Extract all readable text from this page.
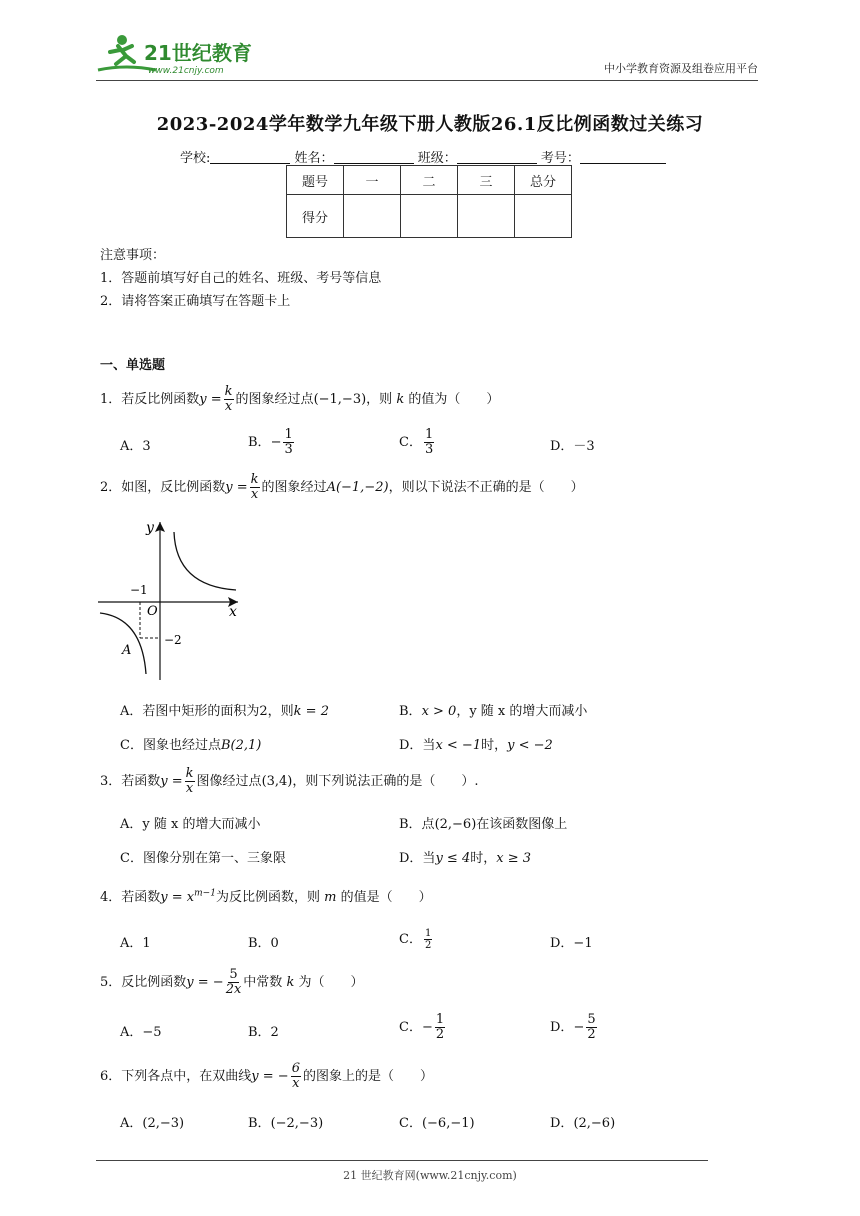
21世纪教育
www.21cnjy.com	中小学教育资源及组卷应用平台
2023-2024学年数学九年级下册人教版26.1反比例函数过关练习
学校:	姓名：	班级：	考号：
题号	一	二	三	总分
得分				
注意事项：
1．答题前填写好自己的姓名、班级、考号等信息
2．请将答案正确填写在答题卡上
一、单选题
1．若反比例函数$y = \frac{k}{x}$ 的图象经过点(−1,−3)，则 k 的值为（　　）
A．3	B．− $\frac{1}{3}$	C． $\frac{1}{3}$	D．－3
2．如图，反比例函数$y = \frac{k}{x}$ 的图象经过A(−1,−2)，则以下说法不正确的是（　　）
y
x
O
−1
−2
A
A．若图中矩形的面积为2，则k = 2	B．x > 0，y 随 x 的增大而减小
C．图象也经过点B(2,1)	D．当x < −1时，y < −2
3．若函数$y = \frac{k}{x}$ 图像经过点(3,4)，则下列说法正确的是（　　）.
A．y 随 x 的增大而减小	B．点(2,−6)在该函数图像上
C．图像分别在第一、三象限	D．当y ≤ 4时，x ≥ 3
4．若函数$y = x^{m-1}$为反比例函数，则 m 的值是（　　）
A．1	B．0	C． $\frac{1}{2}$	D．−1
5．反比例函数y = − $\frac{5}{2x}$ 中常数 k 为（　　）
A．−5	B．2	C．− $\frac{1}{2}$	D．− $\frac{5}{2}$
6．下列各点中，在双曲线y = − $\frac{6}{x}$ 的图象上的是（　　）
A．(2,−3)	B．(−2,−3)	C．(−6,−1)	D．(2,−6)
21 世纪教育网(www.21cnjy.com)
